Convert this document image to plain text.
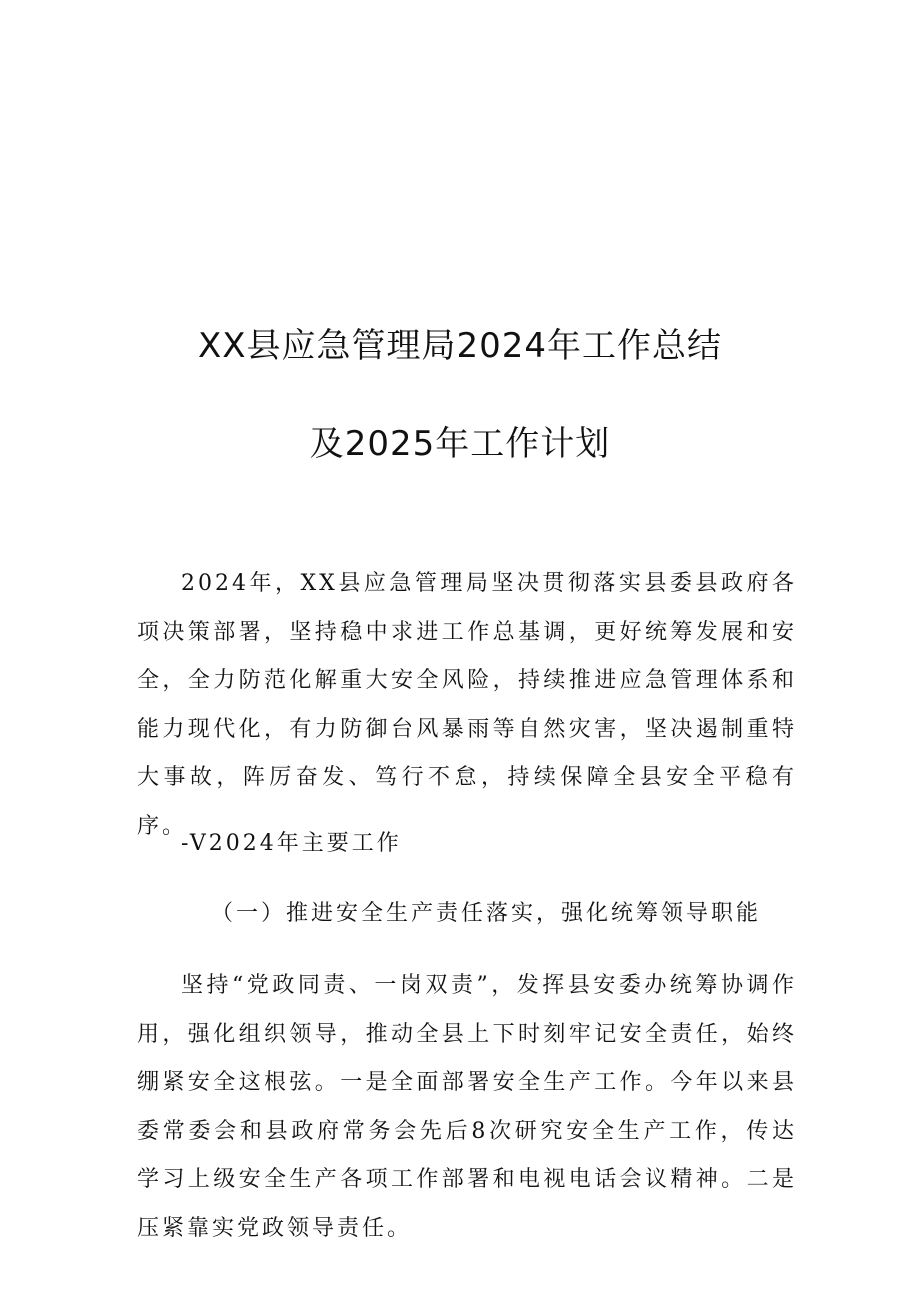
XX县应急管理局2024年工作总结
及2025年工作计划

2024年，XX县应急管理局坚决贯彻落实县委县政府各项决策部署，坚持稳中求进工作总基调，更好统筹发展和安全，全力防范化解重大安全风险，持续推进应急管理体系和能力现代化，有力防御台风暴雨等自然灾害，坚决遏制重特大事故，阵厉奋发、笃行不怠，持续保障全县安全平稳有序。

-V2024年主要工作
（一）推进安全生产责任落实，强化统筹领导职能

坚持“党政同责、一岗双责”，发挥县安委办统筹协调作用，强化组织领导，推动全县上下时刻牢记安全责任，始终绷紧安全这根弦。一是全面部署安全生产工作。今年以来县委常委会和县政府常务会先后8次研究安全生产工作，传达学习上级安全生产各项工作部署和电视电话会议精神。二是压紧靠实党政领导责任。
